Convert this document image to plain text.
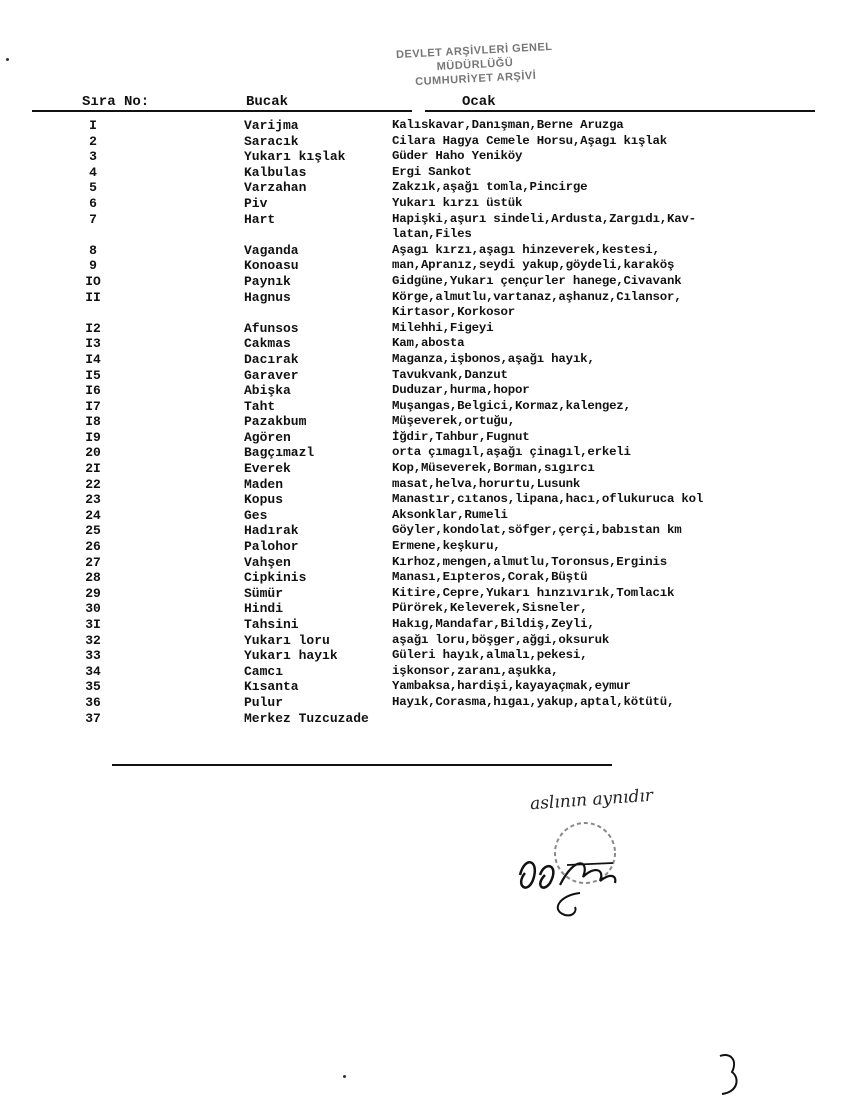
DEVLET ARŞİVLERİ GENEL MÜDÜRLÜĞÜ
CUMHURİYET ARŞİVİ
Sıra No:	Bucak	Ocak
I	Varijma	Kalıskavar,Danışman,Berne Aruzga
2	Saracık	Cilara Hagya Cemele Horsu,Aşagı kışlak
3	Yukarı kışlak	Güder Haho Yeniköy
4	Kalbulas	Ergi Sankot
5	Varzahan	Zakzık,aşağı tomla,Pincirge
6	Piv	Yukarı kırzı üstük
7	Hart	Hapişki,aşurı sindeli,Ardusta,Zargıdı,Kav-
latan,Files
8	Vaganda	Aşagı kırzı,aşagı hinzeverek,kestesi,
9	Konoasu	man,Apranız,seydi yakup,göydeli,karaköş
IO	Paynık	Gidgüne,Yukarı çençurler hanege,Civavank
II	Hagnus	Körge,almutlu,vartanaz,aşhanuz,Cılansor,
Kirtasor,Korkosor
I2	Afunsos	Milehhi,Figeyi
I3	Cakmas	Kam,abosta
I4	Dacırak	Maganza,işbonos,aşağı hayık,
I5	Garaver	Tavukvank,Danzut
I6	Abişka	Duduzar,hurma,hopor
I7	Taht	Muşangas,Belgici,Kormaz,kalengez,
I8	Pazakbum	Müşeverek,ortuğu,
I9	Agören	İğdir,Tahbur,Fugnut
20	Bagçımazl	orta çımagıl,aşağı çinagıl,erkeli
2I	Everek	Kop,Müseverek,Borman,sıgırcı
22	Maden	masat,helva,horurtu,Lusunk
23	Kopus	Manastır,cıtanos,lipana,hacı,oflukuruca kol
24	Ges	Aksonklar,Rumeli
25	Hadırak	Göyler,kondolat,söfger,çerçi,babıstan km
26	Palohor	Ermene,keşkuru,
27	Vahşen	Kırhoz,mengen,almutlu,Toronsus,Erginis
28	Cipkinis	Manası,Eıpteros,Corak,Büştü
29	Sümür	Kitire,Cepre,Yukarı hınzıvırık,Tomlacık
30	Hindi	Pürörek,Keleverek,Sisneler,
3I	Tahsini	Hakıg,Mandafar,Bildiş,Zeyli,
32	Yukarı loru	aşağı loru,böşger,ağgi,oksuruk
33	Yukarı hayık	Güleri hayık,almalı,pekesi,
34	Camcı	işkonsor,zaranı,aşukka,
35	Kısanta	Yambaksa,hardişi,kayayaçmak,eymur
36	Pulur	Hayık,Corasma,hıgaı,yakup,aptal,kötütü,
37	Merkez Tuzcuzade

aslının aynıdır
